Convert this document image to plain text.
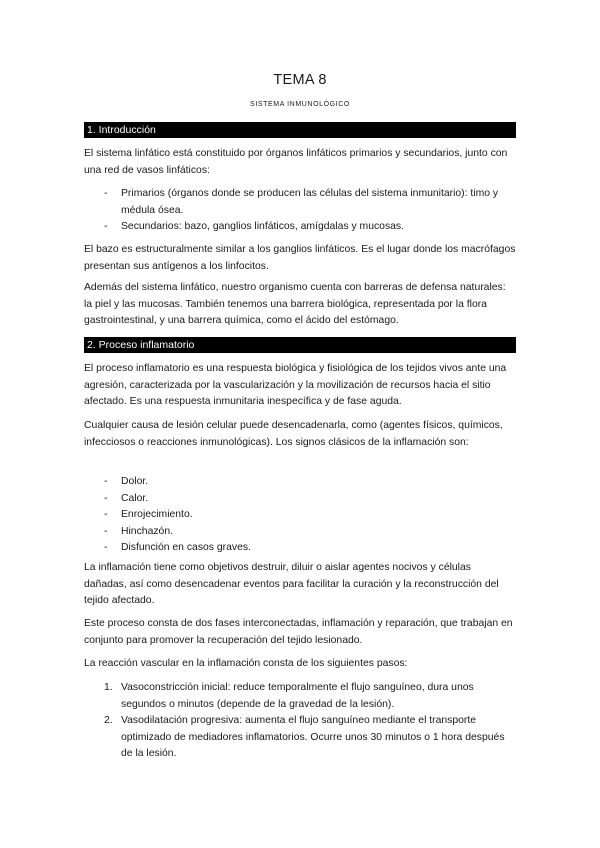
TEMA 8
SISTEMA INMUNOLÓGICO
1. Introducción

El sistema linfático está constituido por órganos linfáticos primarios y secundarios, junto con una red de vasos linfáticos:

- Primarios (órganos donde se producen las células del sistema inmunitario): timo y médula ósea.
- Secundarios: bazo, ganglios linfáticos, amígdalas y mucosas.

El bazo es estructuralmente similar a los ganglios linfáticos. Es el lugar donde los macrófagos presentan sus antígenos a los linfocitos.

Además del sistema linfático, nuestro organismo cuenta con barreras de defensa naturales: la piel y las mucosas. También tenemos una barrera biológica, representada por la flora gastrointestinal, y una barrera química, como el ácido del estómago.

2. Proceso inflamatorio

El proceso inflamatorio es una respuesta biológica y fisiológica de los tejidos vivos ante una agresión, caracterizada por la vascularización y la movilización de recursos hacia el sitio afectado. Es una respuesta inmunitaria inespecífica y de fase aguda.

Cualquier causa de lesión celular puede desencadenarla, como (agentes físicos, químicos, infecciosos o reacciones inmunológicas). Los signos clásicos de la inflamación son:

- Dolor.
- Calor.
- Enrojecimiento.
- Hinchazón.
- Disfunción en casos graves.

La inflamación tiene como objetivos destruir, diluir o aislar agentes nocivos y células dañadas, así como desencadenar eventos para facilitar la curación y la reconstrucción del tejido afectado.

Este proceso consta de dos fases interconectadas, inflamación y reparación, que trabajan en conjunto para promover la recuperación del tejido lesionado.

La reacción vascular en la inflamación consta de los siguientes pasos:

1. Vasoconstricción inicial: reduce temporalmente el flujo sanguíneo, dura unos segundos o minutos (depende de la gravedad de la lesión).
2. Vasodilatación progresiva: aumenta el flujo sanguíneo mediante el transporte optimizado de mediadores inflamatorios. Ocurre unos 30 minutos o 1 hora después de la lesión.
